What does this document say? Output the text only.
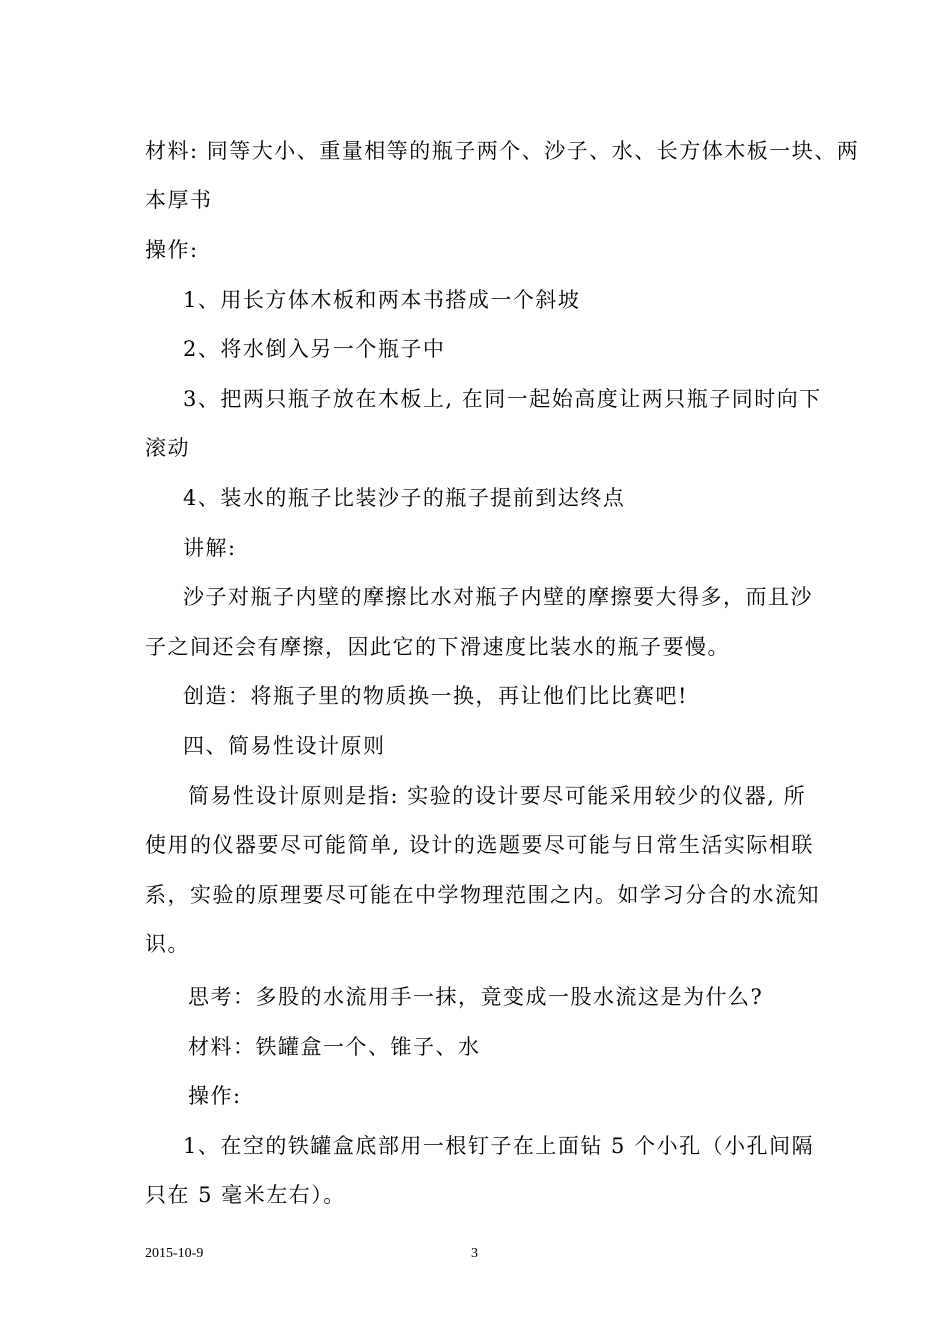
材料: 同等大小、重量相等的瓶子两个、沙子、水、长方体木板一块、两
本厚书
操作:
1、用长方体木板和两本书搭成一个斜坡
2、将水倒入另一个瓶子中
3、把两只瓶子放在木板上, 在同一起始高度让两只瓶子同时向下
滚动
4、装水的瓶子比装沙子的瓶子提前到达终点
讲解:
沙子对瓶子内壁的摩擦比水对瓶子内壁的摩擦要大得多，而且沙
子之间还会有摩擦，因此它的下滑速度比装水的瓶子要慢。
创造：将瓶子里的物质换一换，再让他们比比赛吧!
四、简易性设计原则
简易性设计原则是指: 实验的设计要尽可能采用较少的仪器, 所
使用的仪器要尽可能简单, 设计的选题要尽可能与日常生活实际相联
系，实验的原理要尽可能在中学物理范围之内。如学习分合的水流知
识。
思考：多股的水流用手一抹，竟变成一股水流这是为什么?
材料：铁罐盒一个、锥子、水
操作:
1、在空的铁罐盒底部用一根钉子在上面钻 5 个小孔（小孔间隔
只在 5 毫米左右）。
2015-10-9	3
